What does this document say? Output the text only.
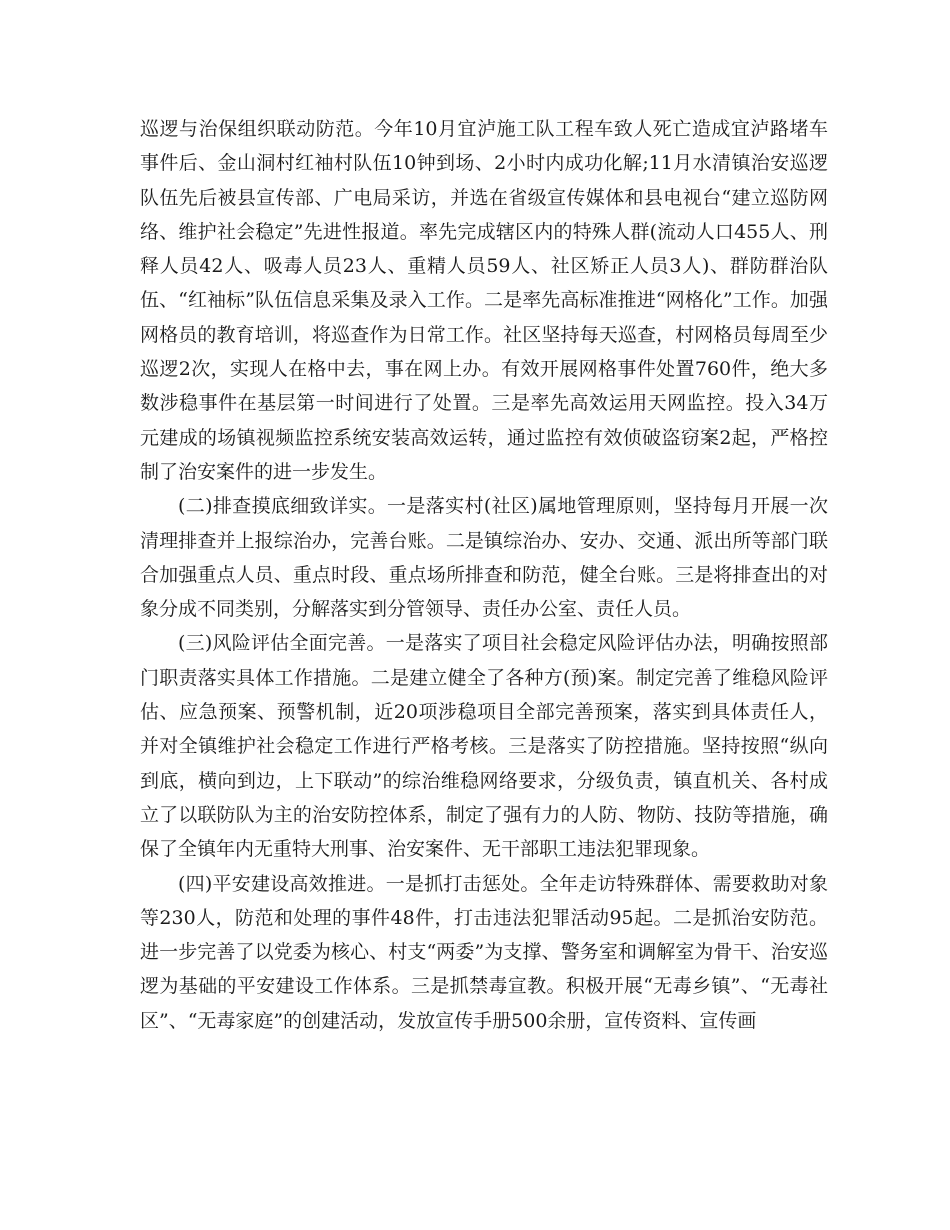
巡逻与治保组织联动防范。今年10月宜泸施工队工程车致人死亡造成宜泸路堵车事件后、金山洞村红袖村队伍10钟到场、2小时内成功化解;11月水清镇治安巡逻队伍先后被县宣传部、广电局采访，并选在省级宣传媒体和县电视台“建立巡防网络、维护社会稳定”先进性报道。率先完成辖区内的特殊人群(流动人口455人、刑释人员42人、吸毒人员23人、重精人员59人、社区矫正人员3人)、群防群治队伍、“红袖标”队伍信息采集及录入工作。二是率先高标准推进“网格化”工作。加强网格员的教育培训，将巡查作为日常工作。社区坚持每天巡查，村网格员每周至少巡逻2次，实现人在格中去，事在网上办。有效开展网格事件处置760件，绝大多数涉稳事件在基层第一时间进行了处置。三是率先高效运用天网监控。投入34万元建成的场镇视频监控系统安装高效运转，通过监控有效侦破盗窃案2起，严格控制了治安案件的进一步发生。

(二)排查摸底细致详实。一是落实村(社区)属地管理原则，坚持每月开展一次清理排查并上报综治办，完善台账。二是镇综治办、安办、交通、派出所等部门联合加强重点人员、重点时段、重点场所排查和防范，健全台账。三是将排查出的对象分成不同类别，分解落实到分管领导、责任办公室、责任人员。

(三)风险评估全面完善。一是落实了项目社会稳定风险评估办法，明确按照部门职责落实具体工作措施。二是建立健全了各种方(预)案。制定完善了维稳风险评估、应急预案、预警机制，近20项涉稳项目全部完善预案，落实到具体责任人，并对全镇维护社会稳定工作进行严格考核。三是落实了防控措施。坚持按照“纵向到底，横向到边，上下联动”的综治维稳网络要求，分级负责，镇直机关、各村成立了以联防队为主的治安防控体系，制定了强有力的人防、物防、技防等措施，确保了全镇年内无重特大刑事、治安案件、无干部职工违法犯罪现象。

(四)平安建设高效推进。一是抓打击惩处。全年走访特殊群体、需要救助对象等230人，防范和处理的事件48件，打击违法犯罪活动95起。二是抓治安防范。进一步完善了以党委为核心、村支“两委”为支撑、警务室和调解室为骨干、治安巡逻为基础的平安建设工作体系。三是抓禁毒宣教。积极开展“无毒乡镇”、“无毒社区”、“无毒家庭”的创建活动，发放宣传手册500余册，宣传资料、宣传画
